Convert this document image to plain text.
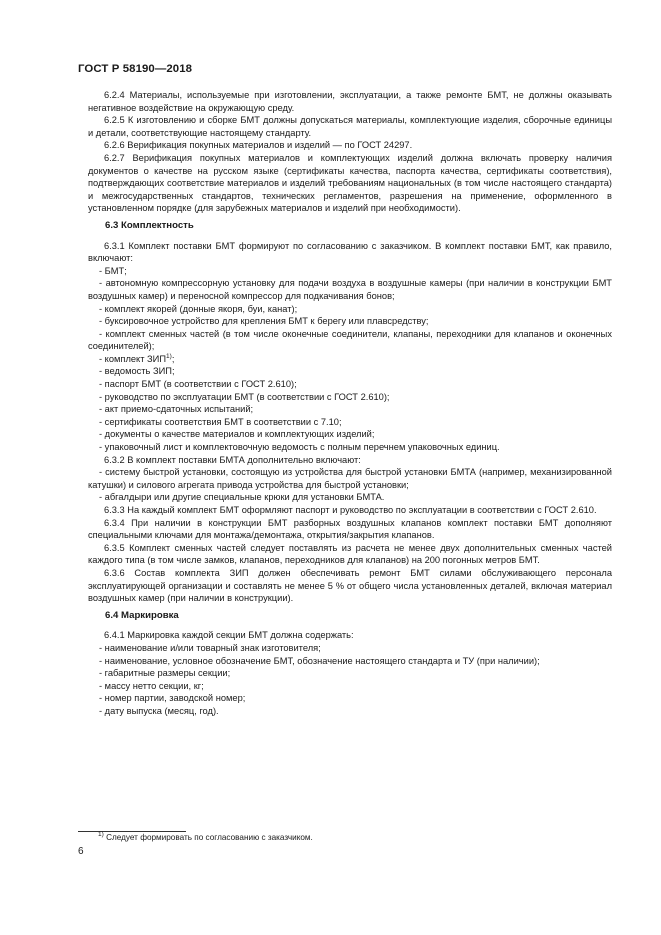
ГОСТ Р 58190—2018

6.2.4 Материалы, используемые при изготовлении, эксплуатации, а также ремонте БМТ, не должны оказывать негативное воздействие на окружающую среду.

6.2.5 К изготовлению и сборке БМТ должны допускаться материалы, комплектующие изделия, сборочные единицы и детали, соответствующие настоящему стандарту.

6.2.6 Верификация покупных материалов и изделий — по ГОСТ 24297.

6.2.7 Верификация покупных материалов и комплектующих изделий должна включать проверку наличия документов о качестве на русском языке (сертификаты качества, паспорта качества, сертификаты соответствия), подтверждающих соответствие материалов и изделий требованиям национальных (в том числе настоящего стандарта) и межгосударственных стандартов, технических регламентов, разрешения на применение, оформленного в установленном порядке (для зарубежных материалов и изделий при необходимости).

6.3 Комплектность

6.3.1 Комплект поставки БМТ формируют по согласованию с заказчиком. В комплект поставки БМТ, как правило, включают:

- БМТ;

- автономную компрессорную установку для подачи воздуха в воздушные камеры (при наличии в конструкции БМТ воздушных камер) и переносной компрессор для подкачивания бонов;

- комплект якорей (донные якоря, буи, канат);

- буксировочное устройство для крепления БМТ к берегу или плавсредству;

- комплект сменных частей (в том числе оконечные соединители, клапаны, переходники для клапанов и оконечных соединителей);

- комплект ЗИП$^{1)}$;

- ведомость ЗИП;

- паспорт БМТ (в соответствии с ГОСТ 2.610);

- руководство по эксплуатации БМТ (в соответствии с ГОСТ 2.610);

- акт приемо-сдаточных испытаний;

- сертификаты соответствия БМТ в соответствии с 7.10;

- документы о качестве материалов и комплектующих изделий;

- упаковочный лист и комплектовочную ведомость с полным перечнем упаковочных единиц.

6.3.2 В комплект поставки БМТА дополнительно включают:

- систему быстрой установки, состоящую из устройства для быстрой установки БМТА (например, механизированной катушки) и силового агрегата привода устройства для быстрой установки;

- абгалдыри или другие специальные крюки для установки БМТА.

6.3.3 На каждый комплект БМТ оформляют паспорт и руководство по эксплуатации в соответствии с ГОСТ 2.610.

6.3.4 При наличии в конструкции БМТ разборных воздушных клапанов комплект поставки БМТ дополняют специальными ключами для монтажа/демонтажа, открытия/закрытия клапанов.

6.3.5 Комплект сменных частей следует поставлять из расчета не менее двух дополнительных сменных частей каждого типа (в том числе замков, клапанов, переходников для клапанов) на 200 погонных метров БМТ.

6.3.6 Состав комплекта ЗИП должен обеспечивать ремонт БМТ силами обслуживающего персонала эксплуатирующей организации и составлять не менее 5 % от общего числа установленных деталей, включая материал воздушных камер (при наличии в конструкции).

6.4 Маркировка

6.4.1 Маркировка каждой секции БМТ должна содержать:

- наименование и/или товарный знак изготовителя;

- наименование, условное обозначение БМТ, обозначение настоящего стандарта и ТУ (при наличии);

- габаритные размеры секции;

- массу нетто секции, кг;

- номер партии, заводской номер;

- дату выпуска (месяц, год).

$^{1)}$ Следует формировать по согласованию с заказчиком.
6
